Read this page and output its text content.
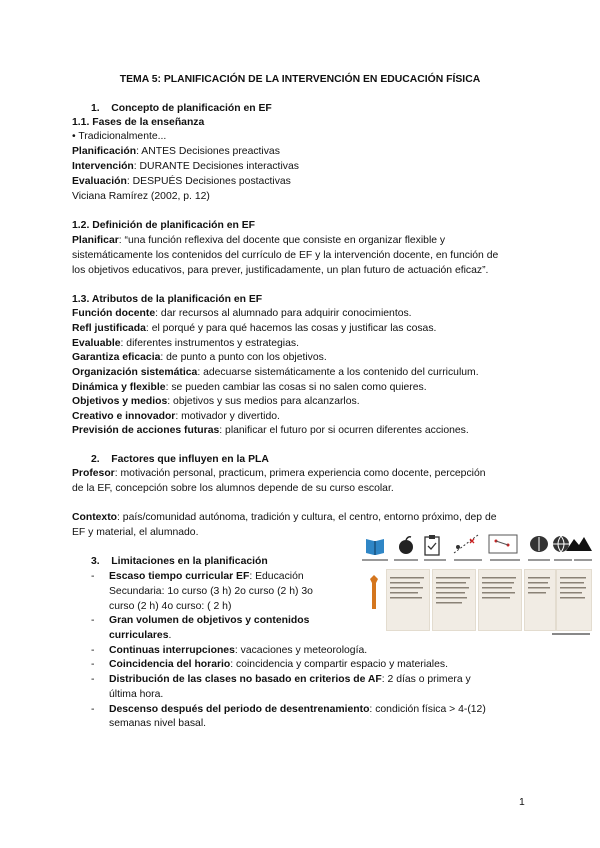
TEMA 5: PLANIFICACIÓN DE LA INTERVENCIÓN EN EDUCACIÓN FÍSICA
1. Concepto de planificación en EF
1.1. Fases de la enseñanza
• Tradicionalmente...
Planificación: ANTES Decisiones preactivas
Intervención: DURANTE Decisiones interactivas
Evaluación: DESPUÉS Decisiones postactivas
Viciana Ramírez (2002, p. 12)
1.2. Definición de planificación en EF
Planificar: “una función reflexiva del docente que consiste en organizar flexible y
sistemáticamente los contenidos del currículo de EF y la intervención docente, en función de
los objetivos educativos, para prever, justificadamente, un plan futuro de actuación eficaz”.
1.3. Atributos de la planificación en EF
Función docente: dar recursos al alumnado para adquirir conocimientos.
Refl justificada: el porqué y para qué hacemos las cosas y justificar las cosas.
Evaluable: diferentes instrumentos y estrategias.
Garantiza eficacia: de punto a punto con los objetivos.
Organización sistemática: adecuarse sistemáticamente a los contenido del curriculum.
Dinámica y flexible: se pueden cambiar las cosas si no salen como quieres.
Objetivos y medios: objetivos y sus medios para alcanzarlos.
Creativo e innovador: motivador y divertido.
Previsión de acciones futuras: planificar el futuro por si ocurren diferentes acciones.
2. Factores que influyen en la PLA
Profesor: motivación personal, practicum, primera experiencia como docente, percepción
de la EF, concepción sobre los alumnos depende de su curso escolar.
Contexto: país/comunidad autónoma, tradición y cultura, el centro, entorno próximo, dep de
EF y material, el alumnado.
3. Limitaciones en la planificación
- Escaso tiempo curricular EF: Educación
Secundaria: 1o curso (3 h) 2o curso (2 h) 3o
curso (2 h) 4o curso: ( 2 h)
- Gran volumen de objetivos y contenidos
curriculares.
- Continuas interrupciones: vacaciones y meteorología.
- Coincidencia del horario: coincidencia y compartir espacio y materiales.
- Distribución de las clases no basado en criterios de AF: 2 días o primera y
última hora.
- Descenso después del periodo de desentrenamiento: condición física > 4-(12)
semanas nivel basal.
1
